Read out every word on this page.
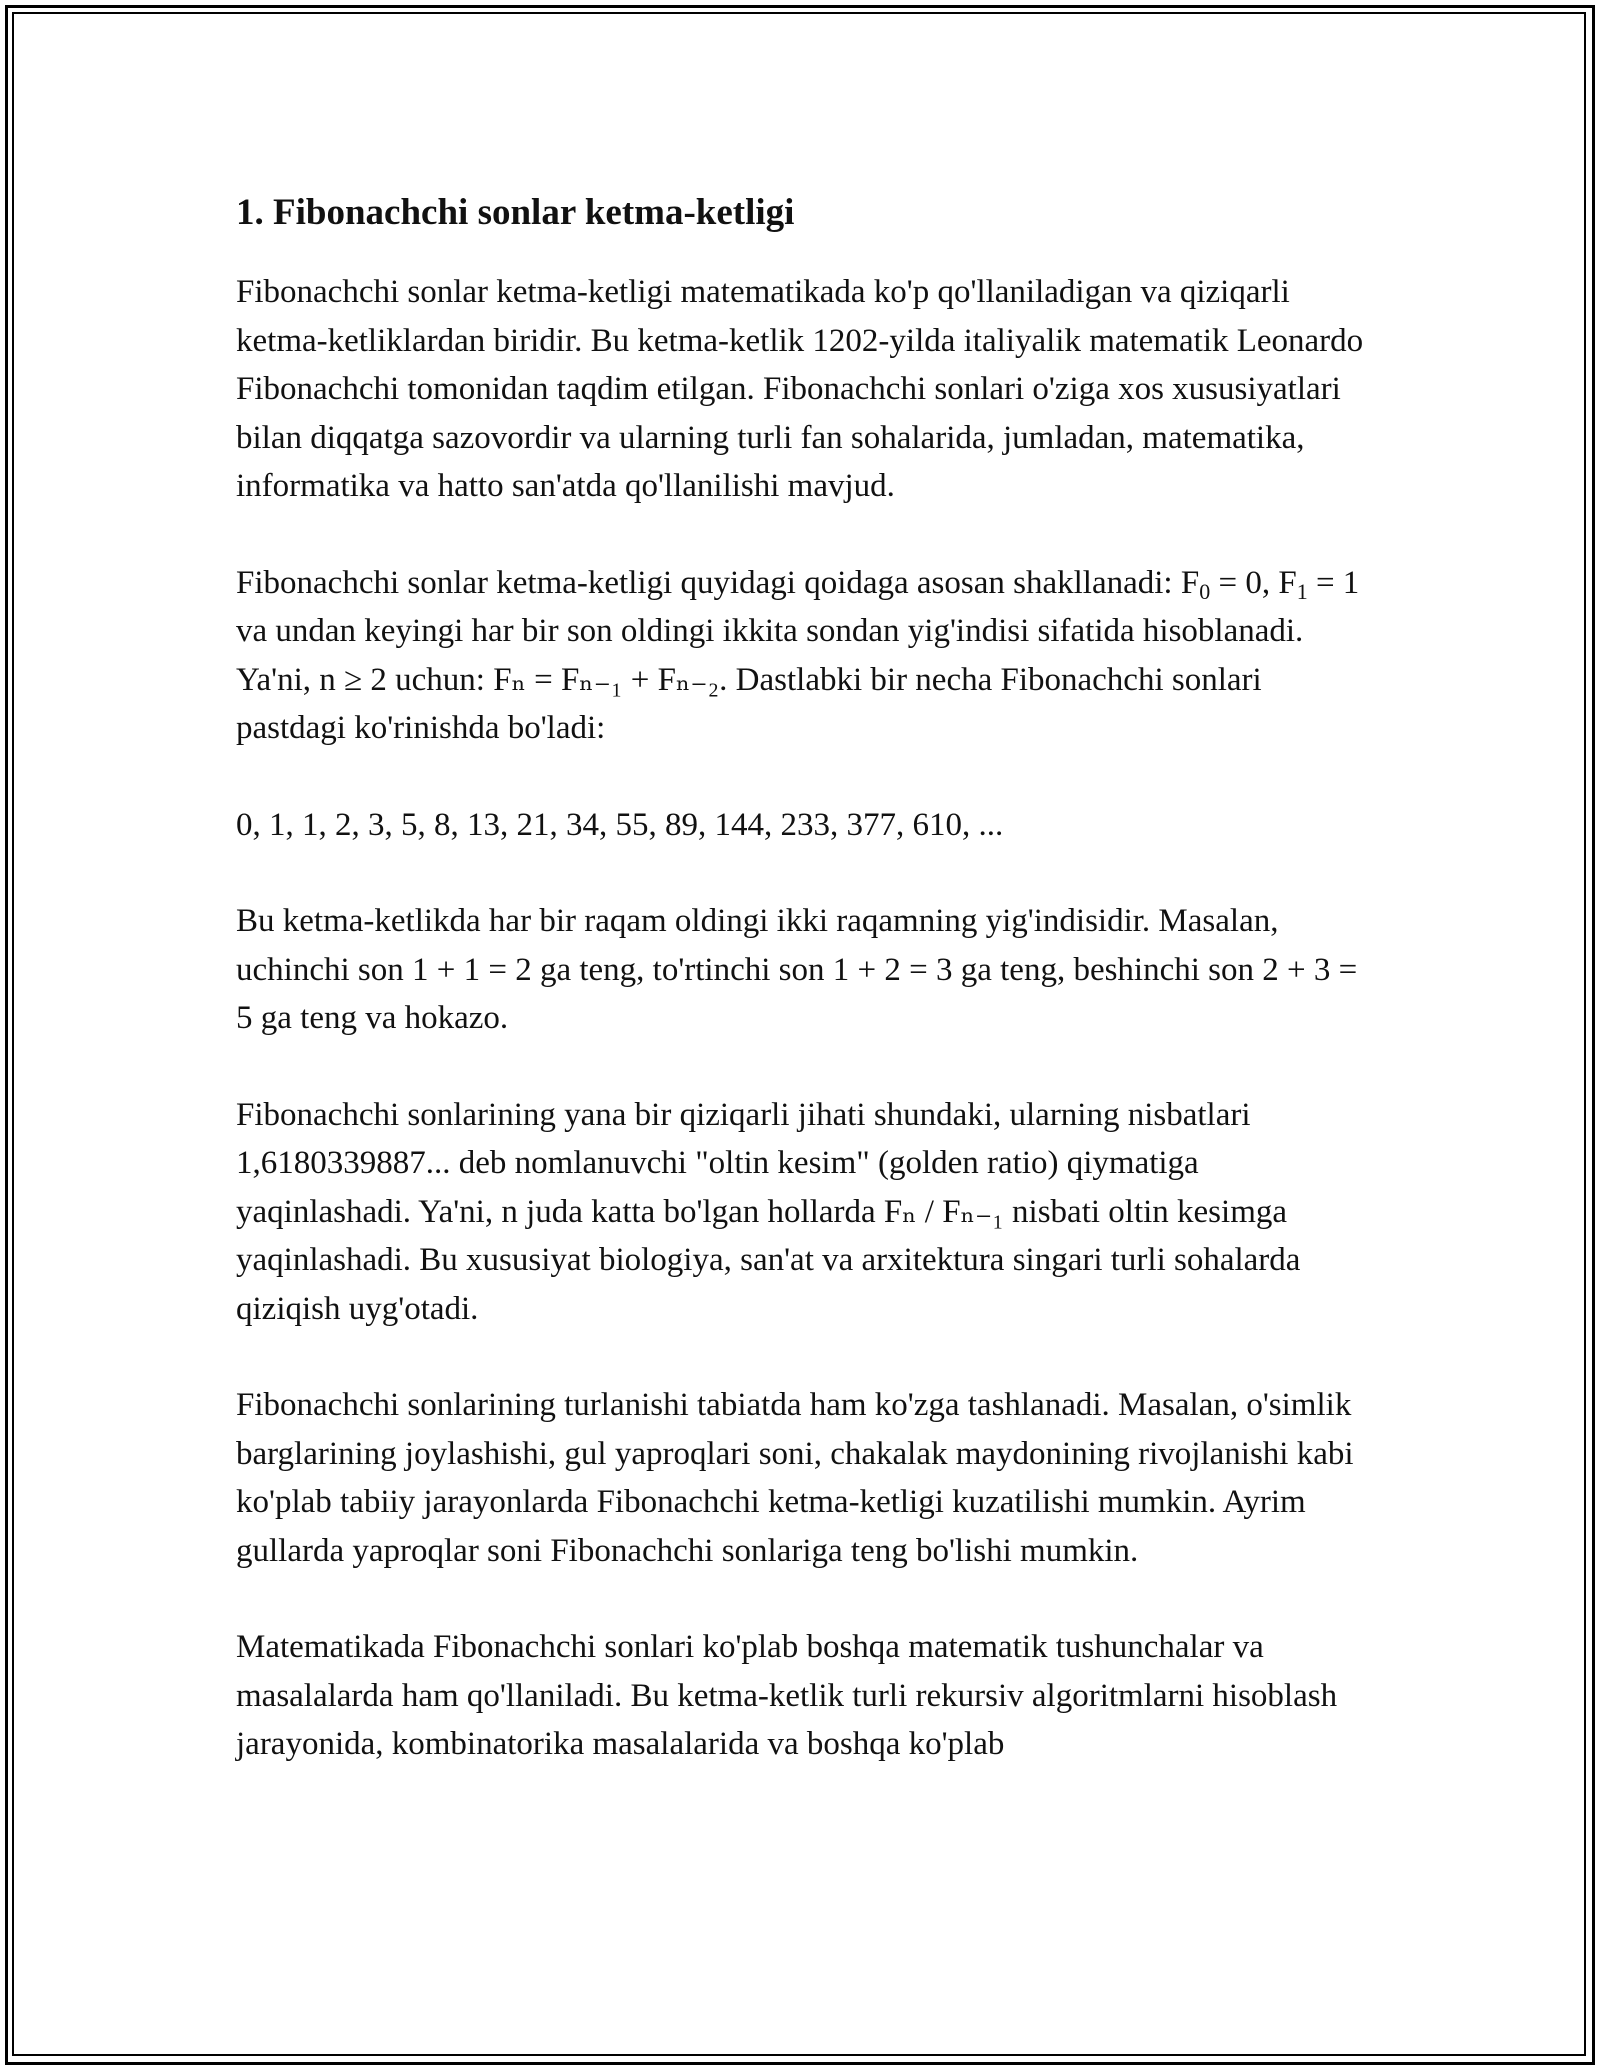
1. Fibonachchi sonlar ketma-ketligi

Fibonachchi sonlar ketma-ketligi matematikada ko'p qo'llaniladigan va qiziqarli ketma-ketliklardan biridir. Bu ketma-ketlik 1202-yilda italiyalik matematik Leonardo Fibonachchi tomonidan taqdim etilgan. Fibonachchi sonlari o'ziga xos xususiyatlari bilan diqqatga sazovordir va ularning turli fan sohalarida, jumladan, matematika, informatika va hatto san'atda qo'llanilishi mavjud.

Fibonachchi sonlar ketma-ketligi quyidagi qoidaga asosan shakllanadi: $F_0 = 0$, $F_1 = 1$ va undan keyingi har bir son oldingi ikkita sondan yig'indisi sifatida hisoblanadi. Ya'ni, n ≥ 2 uchun: Fₙ = Fₙ₋₁ + Fₙ₋₂. Dastlabki bir necha Fibonachchi sonlari pastdagi ko'rinishda bo'ladi:

0, 1, 1, 2, 3, 5, 8, 13, 21, 34, 55, 89, 144, 233, 377, 610, ...

Bu ketma-ketlikda har bir raqam oldingi ikki raqamning yig'indisidir. Masalan, uchinchi son 1 + 1 = 2 ga teng, to'rtinchi son 1 + 2 = 3 ga teng, beshinchi son 2 + 3 = 5 ga teng va hokazo.

Fibonachchi sonlarining yana bir qiziqarli jihati shundaki, ularning nisbatlari 1,6180339887... deb nomlanuvchi "oltin kesim" (golden ratio) qiymatiga yaqinlashadi. Ya'ni, n juda katta bo'lgan hollarda Fₙ / Fₙ₋₁ nisbati oltin kesimga yaqinlashadi. Bu xususiyat biologiya, san'at va arxitektura singari turli sohalarda qiziqish uyg'otadi.

Fibonachchi sonlarining turlanishi tabiatda ham ko'zga tashlanadi. Masalan, o'simlik barglarining joylashishi, gul yaproqlari soni, chakalak maydonining rivojlanishi kabi ko'plab tabiiy jarayonlarda Fibonachchi ketma-ketligi kuzatilishi mumkin. Ayrim gullarda yaproqlar soni Fibonachchi sonlariga teng bo'lishi mumkin.

Matematikada Fibonachchi sonlari ko'plab boshqa matematik tushunchalar va masalalarda ham qo'llaniladi. Bu ketma-ketlik turli rekursiv algoritmlarni hisoblash jarayonida, kombinatorika masalalarida va boshqa ko'plab
